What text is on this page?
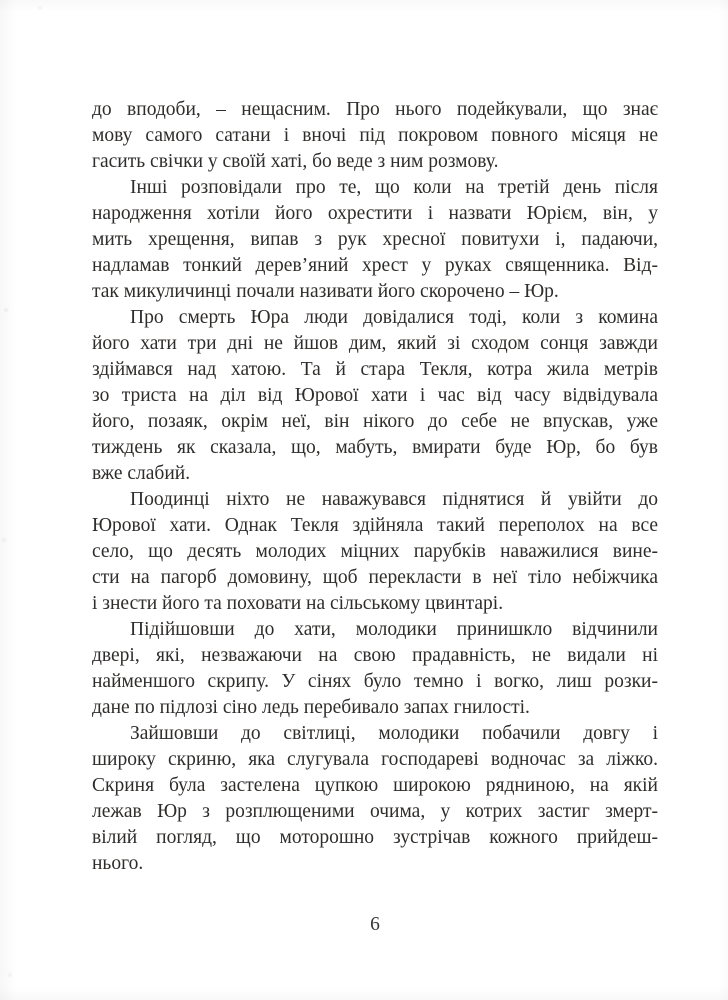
до вподоби, – нещасним. Про нього подейкували, що знає
мову самого сатани і вночі під покровом повного місяця не
гасить свічки у своїй хаті, бо веде з ним розмову.

Інші розповідали про те, що коли на третій день після
народження хотіли його охрестити і назвати Юрієм, він, у
мить хрещення, випав з рук хресної повитухи і, падаючи,
надламав тонкий дерев’яний хрест у руках священника. Від-
так микуличинці почали називати його скорочено – Юр.

Про смерть Юра люди довідалися тоді, коли з комина
його хати три дні не йшов дим, який зі сходом сонця завжди
здіймався над хатою. Та й стара Текля, котра жила метрів
зо триста на діл від Юрової хати і час від часу відвідувала
його, позаяк, окрім неї, він нікого до себе не впускав, уже
тиждень як сказала, що, мабуть, вмирати буде Юр, бо був
вже слабий.

Поодинці ніхто не наважувався піднятися й увійти до
Юрової хати. Однак Текля здійняла такий переполох на все
село, що десять молодих міцних парубків наважилися вине-
сти на пагорб домовину, щоб перекласти в неї тіло небіжчика
і знести його та поховати на сільському цвинтарі.

Підійшовши до хати, молодики принишкло відчинили
двері, які, незважаючи на свою прадавність, не видали ні
найменшого скрипу. У сінях було темно і вогко, лиш розки-
дане по підлозі сіно ледь перебивало запах гнилості.

Зайшовши до світлиці, молодики побачили довгу і
широку скриню, яка слугувала господареві водночас за ліжко.
Скриня була застелена цупкою широкою рядниною, на якій
лежав Юр з розплющеними очима, у котрих застиг змерт-
вілий погляд, що моторошно зустрічав кожного прийдеш-
нього.

6
